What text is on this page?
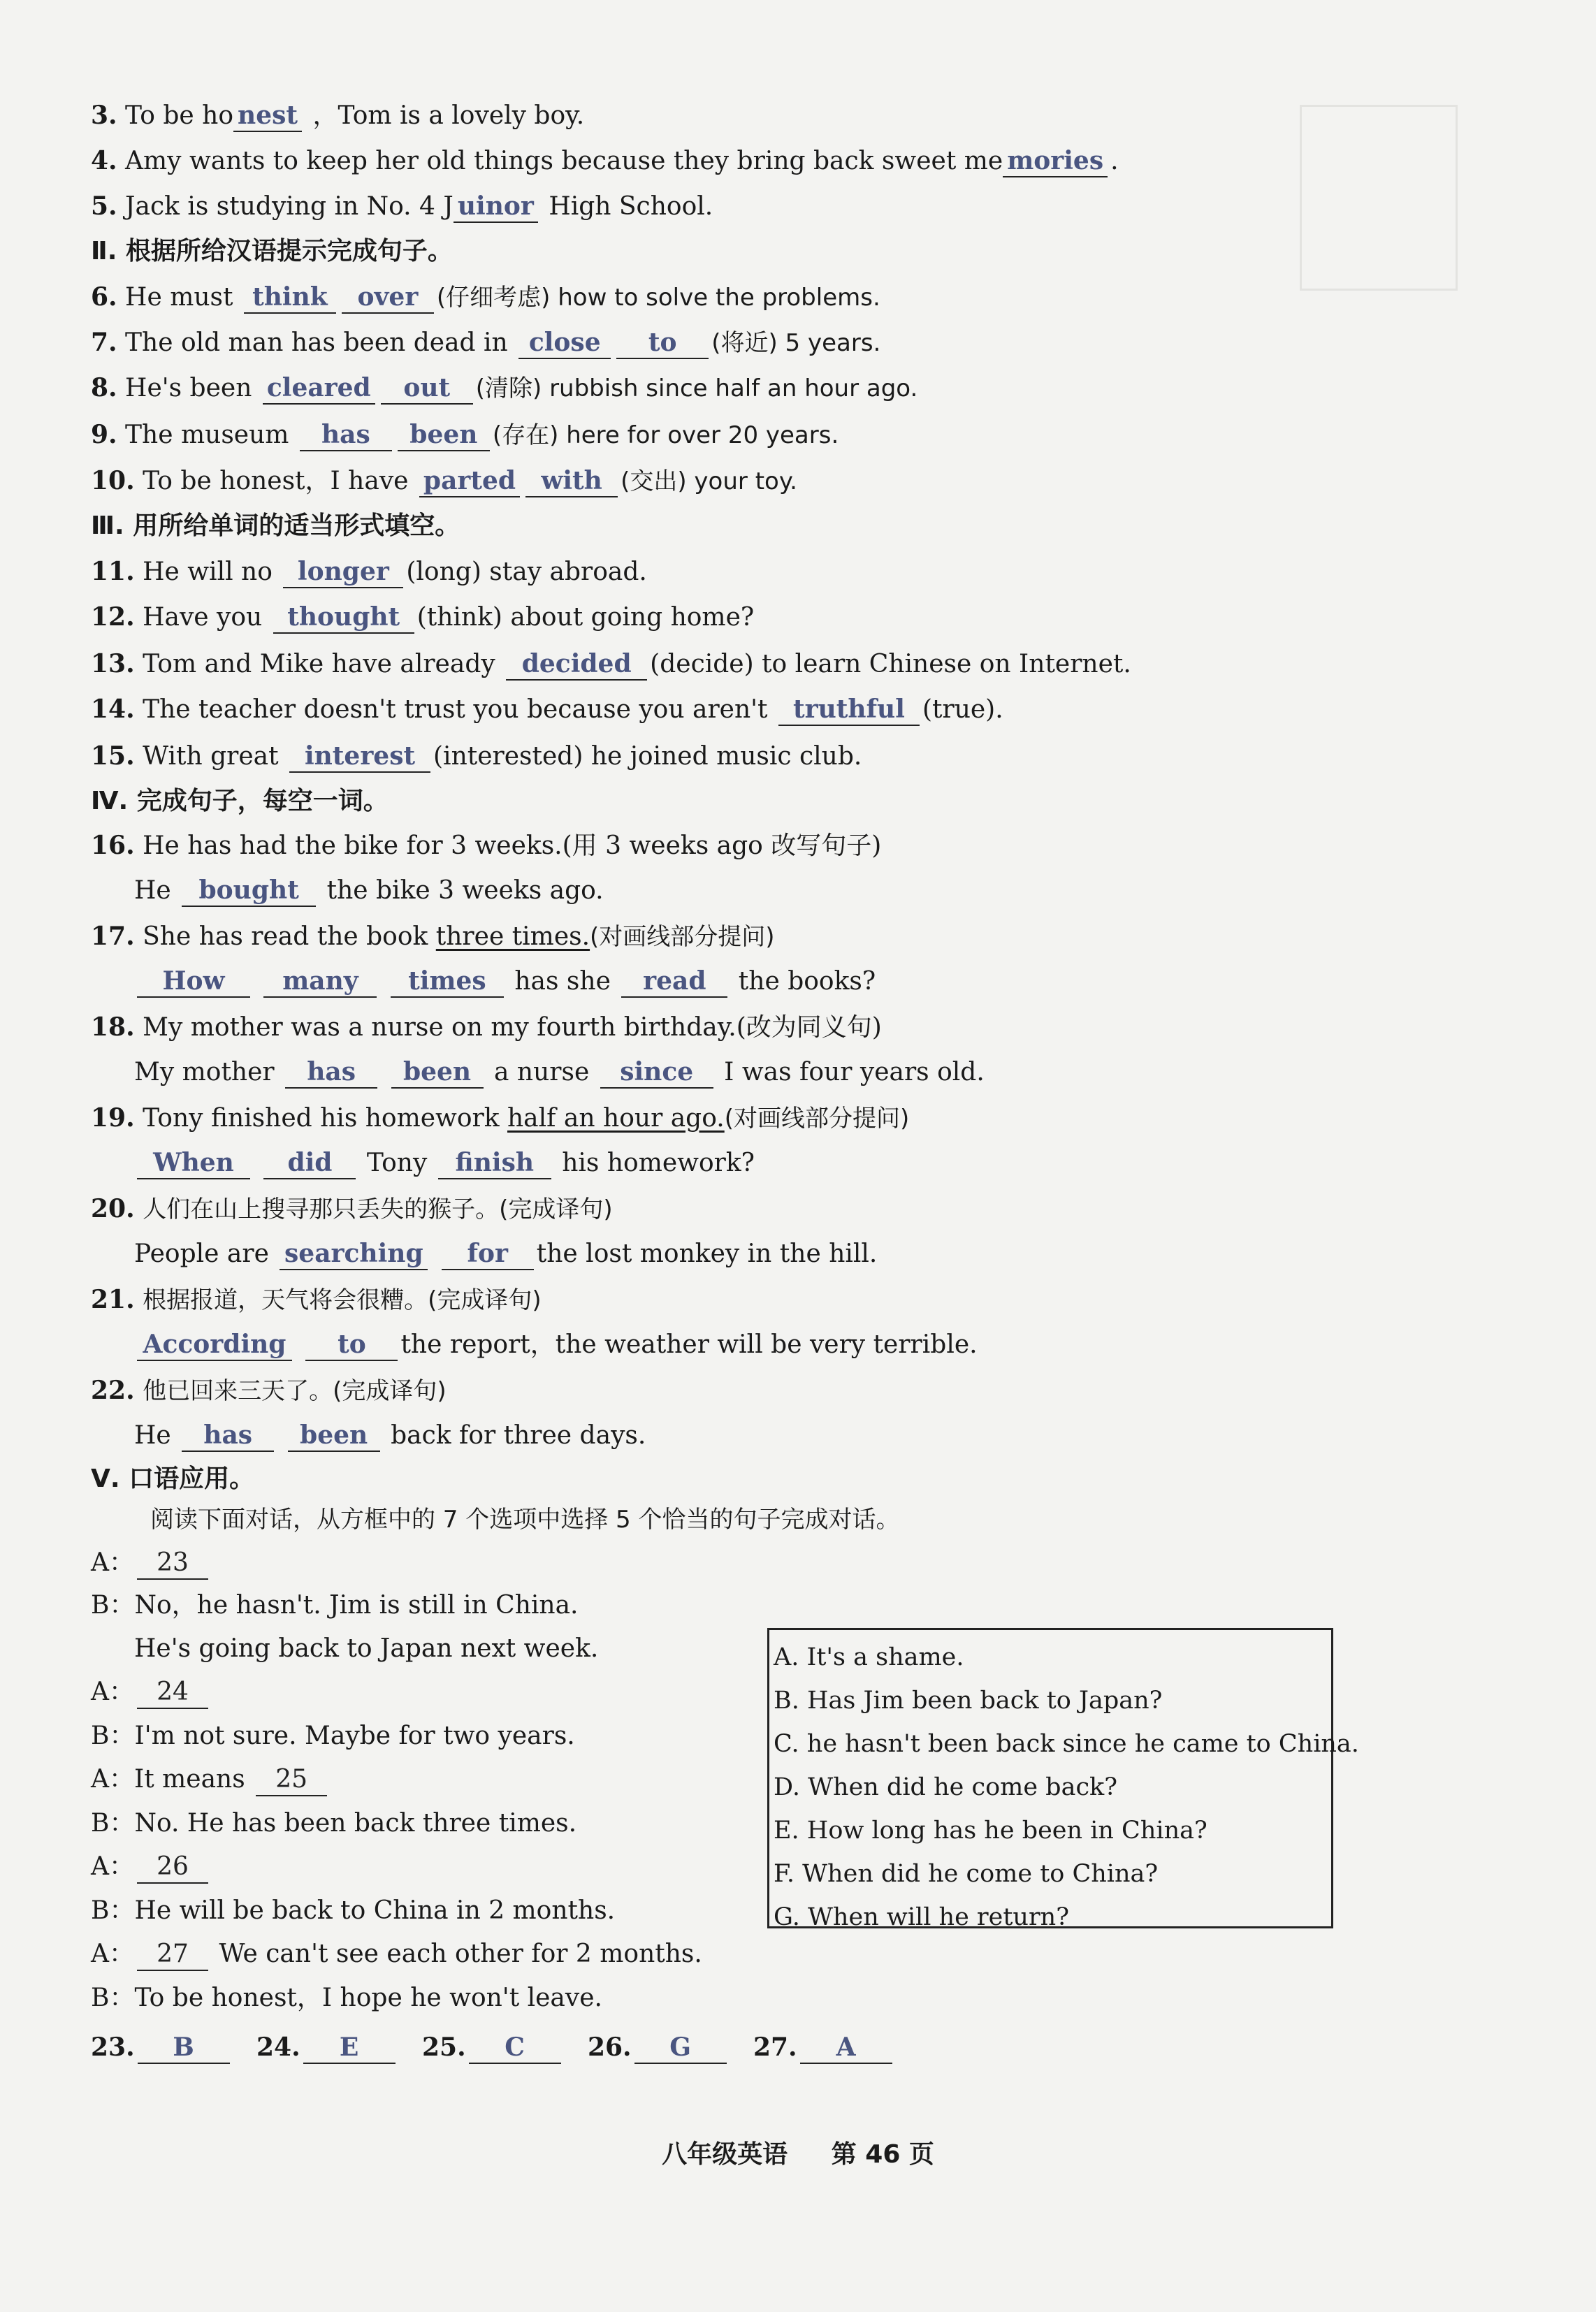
3. To be ho nest ，Tom is a lovely boy.
4. Amy wants to keep her old things because they bring back sweet me mories .
5. Jack is studying in No. 4 J uinor High School.
Ⅱ. 根据所给汉语提示完成句子。
6. He must think over (仔细考虑) how to solve the problems.
7. The old man has been dead in close to (将近) 5 years.
8. He's been cleared out (清除) rubbish since half an hour ago.
9. The museum has been (存在) here for over 20 years.
10. To be honest，I have parted with (交出) your toy.
Ⅲ. 用所给单词的适当形式填空。
11. He will no longer (long) stay abroad.
12. Have you thought (think) about going home?
13. Tom and Mike have already decided (decide) to learn Chinese on Internet.
14. The teacher doesn't trust you because you aren't truthful (true).
15. With great interest (interested) he joined music club.
Ⅳ. 完成句子，每空一词。
16. He has had the bike for 3 weeks.(用 3 weeks ago 改写句子)
He bought the bike 3 weeks ago.
17. She has read the book three times.(对画线部分提问)
How many times has she read the books?
18. My mother was a nurse on my fourth birthday.(改为同义句)
My mother has been a nurse since I was four years old.
19. Tony finished his homework half an hour ago.(对画线部分提问)
When did Tony finish his homework?
20. 人们在山上搜寻那只丢失的猴子。(完成译句)
People are searching for the lost monkey in the hill.
21. 根据报道，天气将会很糟。(完成译句)
According to the report，the weather will be very terrible.
22. 他已回来三天了。(完成译句)
He has been back for three days.
Ⅴ. 口语应用。
阅读下面对话，从方框中的 7 个选项中选择 5 个恰当的句子完成对话。
A： 23
B：No，he hasn't. Jim is still in China.
He's going back to Japan next week.
A： 24
B：I'm not sure. Maybe for two years.
A：It means 25
B：No. He has been back three times.
A： 26
B：He will be back to China in 2 months.
A： 27 We can't see each other for 2 months.
B：To be honest，I hope he won't leave.
A. It's a shame.
B. Has Jim been back to Japan?
C. he hasn't been back since he came to China.
D. When did he come back?
E. How long has he been in China?
F. When did he come to China?
G. When will he return?
23. B 24. E	25. C	26. G 27. A
八年级英语 第 46 页
